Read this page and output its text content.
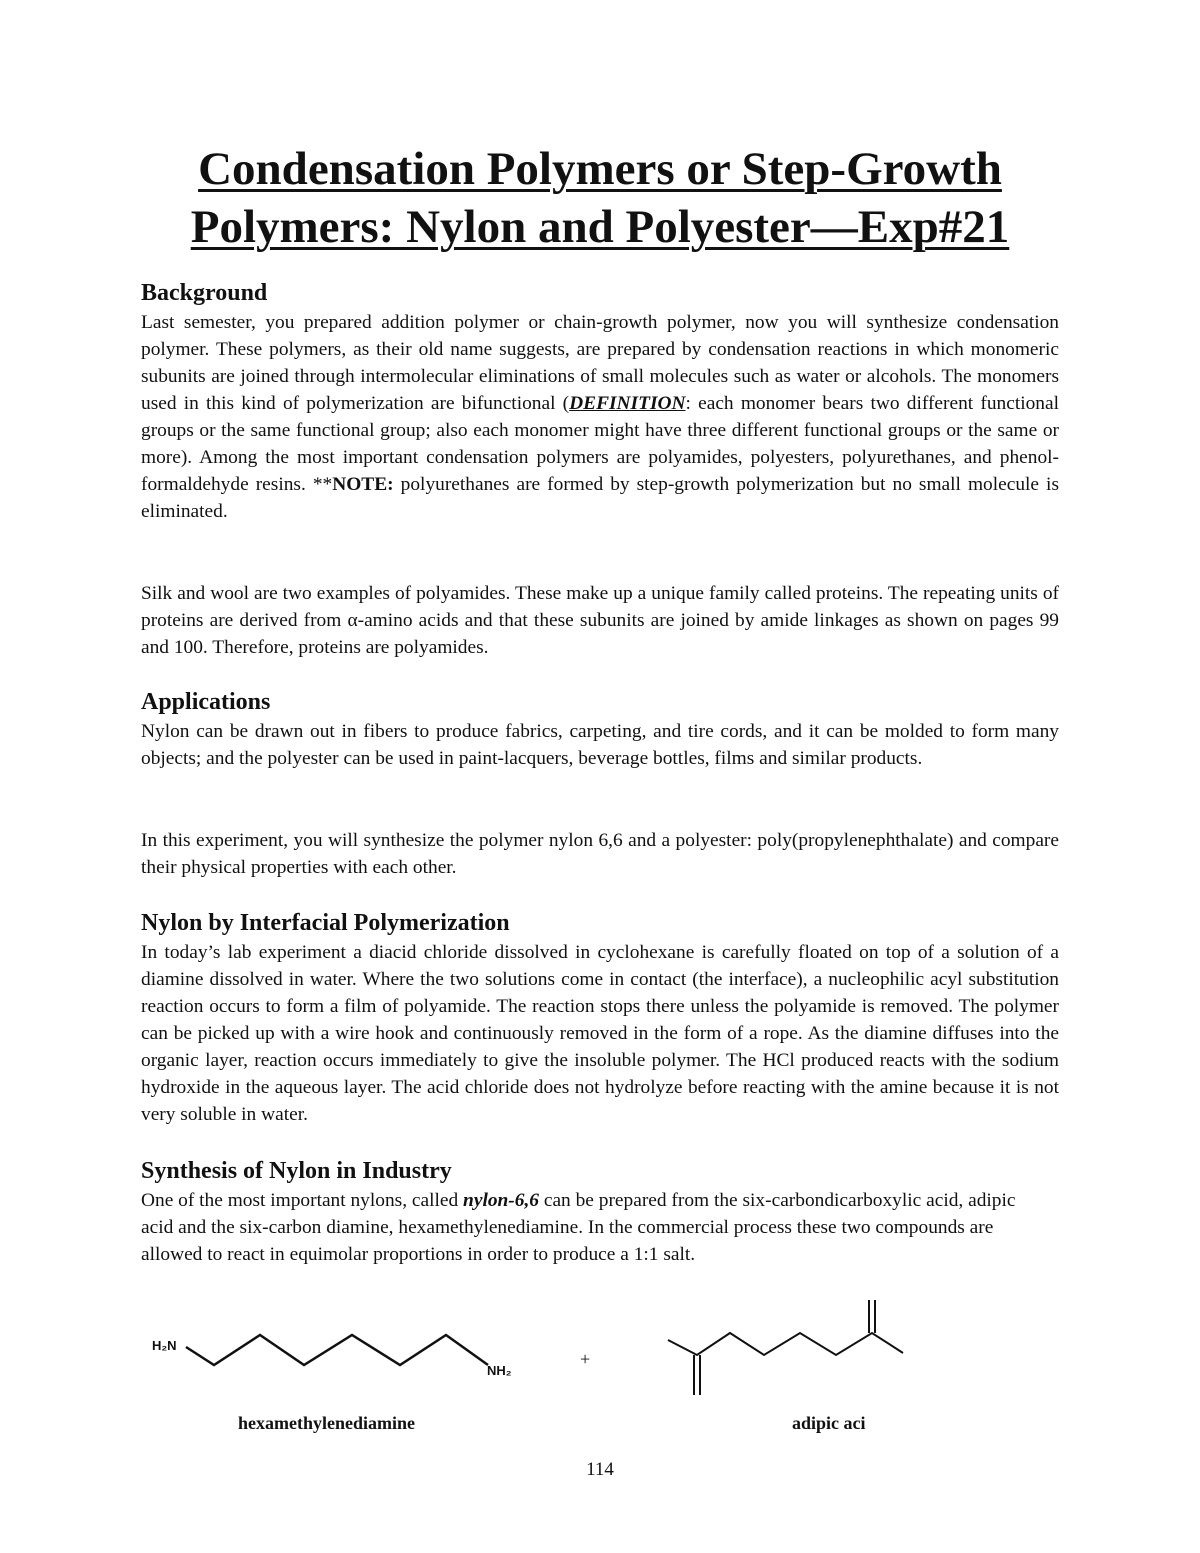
Condensation Polymers or Step-Growth
Polymers: Nylon and Polyester—Exp#21
Background

Last semester, you prepared addition polymer or chain-growth polymer, now you will synthesize condensation polymer. These polymers, as their old name suggests, are prepared by condensation reactions in which monomeric subunits are joined through intermolecular eliminations of small molecules such as water or alcohols. The monomers used in this kind of polymerization are bifunctional (DEFINITION: each monomer bears two different functional groups or the same functional group; also each monomer might have three different functional groups or the same or more). Among the most important condensation polymers are polyamides, polyesters, polyurethanes, and phenol-formaldehyde resins. **NOTE: polyurethanes are formed by step-growth polymerization but no small molecule is eliminated.

Silk and wool are two examples of polyamides. These make up a unique family called proteins. The repeating units of proteins are derived from α-amino acids and that these subunits are joined by amide linkages as shown on pages 99 and 100. Therefore, proteins are polyamides.

Applications

Nylon can be drawn out in fibers to produce fabrics, carpeting, and tire cords, and it can be molded to form many objects; and the polyester can be used in paint-lacquers, beverage bottles, films and similar products.

In this experiment, you will synthesize the polymer nylon 6,6 and a polyester: poly(propylenephthalate) and compare their physical properties with each other.

Nylon by Interfacial Polymerization

In today’s lab experiment a diacid chloride dissolved in cyclohexane is carefully floated on top of a solution of a diamine dissolved in water. Where the two solutions come in contact (the interface), a nucleophilic acyl substitution reaction occurs to form a film of polyamide. The reaction stops there unless the polyamide is removed. The polymer can be picked up with a wire hook and continuously removed in the form of a rope. As the diamine diffuses into the organic layer, reaction occurs immediately to give the insoluble polymer. The HCl produced reacts with the sodium hydroxide in the aqueous layer. The acid chloride does not hydrolyze before reacting with the amine because it is not very soluble in water.

Synthesis of Nylon in Industry

One of the most important nylons, called nylon-6,6 can be prepared from the six-carbondicarboxylic acid, adipic acid and the six-carbon diamine, hexamethylenediamine. In the commercial process these two compounds are allowed to react in equimolar proportions in order to produce a 1:1 salt.

H₂N
NH₂
+
hexamethylenediamine	adipic aci
114
